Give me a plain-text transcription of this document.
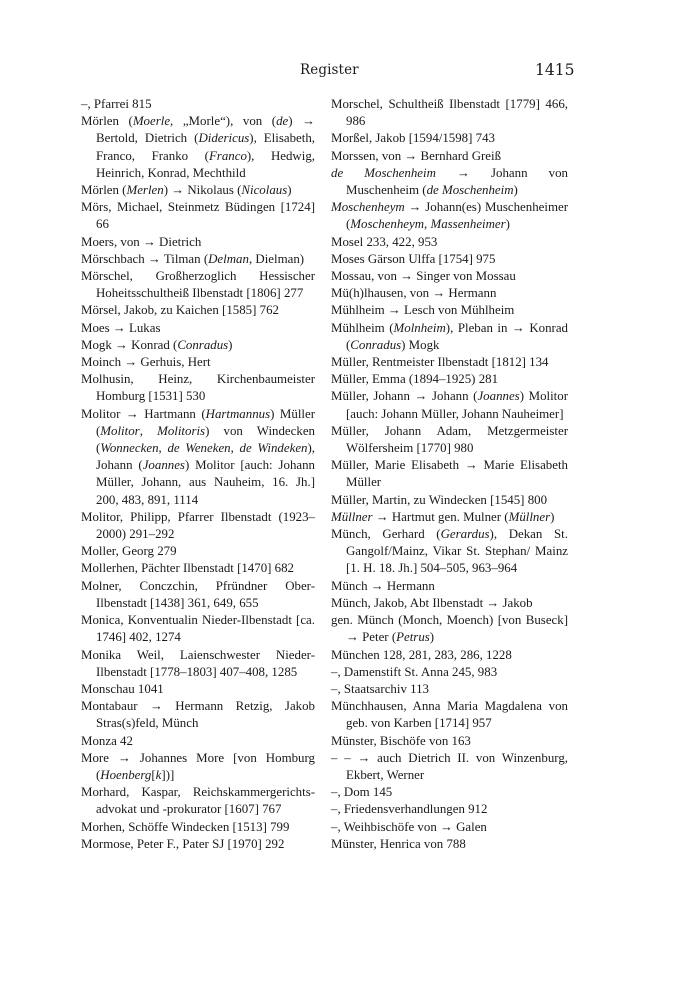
Register	1415

–, Pfarrei 815

Mörlen (Moerle, „Morle“), von (de) → Bertold, Dietrich (Didericus), Elisabeth, Franco, Franko (Franco), Hedwig, Heinrich, Konrad, Mechthild

Mörlen (Merlen) → Nikolaus (Nicolaus)

Mörs, Michael, Steinmetz Büdingen [1724] 66

Moers, von → Dietrich

Mörschbach → Tilman (Delman, Dielman)

Mörschel, Großherzoglich Hessischer Hoheitsschultheiß Ilbenstadt [1806] 277

Mörsel, Jakob, zu Kaichen [1585] 762

Moes → Lukas

Mogk → Konrad (Conradus)

Moinch → Gerhuis, Hert

Molhusin, Heinz, Kirchenbaumeister Homburg [1531] 530

Molitor → Hartmann (Hartmannus) Müller (Molitor, Molitoris) von Windecken (Wonnecken, de Weneken, de Windeken), Johann (Joannes) Molitor [auch: Johann Müller, Johann, aus Nauheim, 16. Jh.] 200, 483, 891, 1114

Molitor, Philipp, Pfarrer Ilbenstadt (1923–2000) 291–292

Moller, Georg 279

Mollerhen, Pächter Ilbenstadt [1470] 682

Molner, Conczchin, Pfründner Ober-Ilbenstadt [1438] 361, 649, 655

Monica, Konventualin Nieder-Ilbenstadt [ca. 1746] 402, 1274

Monika Weil, Laienschwester Nieder-Ilbenstadt [1778–1803] 407–408, 1285

Monschau 1041

Montabaur → Hermann Retzig, Jakob Stras(s)feld, Münch

Monza 42

More → Johannes More [von Homburg (Hoenberg[k])]

Morhard, Kaspar, Reichskammergerichts-advokat und -prokurator [1607] 767

Morhen, Schöffe Windecken [1513] 799

Mormose, Peter F., Pater SJ [1970] 292

Morschel, Schultheiß Ilbenstadt [1779] 466, 986

Morßel, Jakob [1594/1598] 743

Morssen, von → Bernhard Greiß

de Moschenheim → Johann von Muschenheim (de Moschenheim)

Moschenheym → Johann(es) Muschenheimer (Moschenheym, Massenheimer)

Mosel 233, 422, 953

Moses Gärson Ulffa [1754] 975

Mossau, von → Singer von Mossau

Mü(h)lhausen, von → Hermann

Mühlheim → Lesch von Mühlheim

Mühlheim (Molnheim), Pleban in → Konrad (Conradus) Mogk

Müller, Rentmeister Ilbenstadt [1812] 134

Müller, Emma (1894–1925) 281

Müller, Johann → Johann (Joannes) Molitor [auch: Johann Müller, Johann Nauheimer]

Müller, Johann Adam, Metzgermeister Wölfersheim [1770] 980

Müller, Marie Elisabeth → Marie Elisabeth Müller

Müller, Martin, zu Windecken [1545] 800

Müllner → Hartmut gen. Mulner (Müllner)

Münch, Gerhard (Gerardus), Dekan St. Gangolf/Mainz, Vikar St. Stephan/ Mainz [1. H. 18. Jh.] 504–505, 963–964

Münch → Hermann

Münch, Jakob, Abt Ilbenstadt → Jakob

gen. Münch (Monch, Moench) [von Buseck] → Peter (Petrus)

München 128, 281, 283, 286, 1228

–, Damenstift St. Anna 245, 983

–, Staatsarchiv 113

Münchhausen, Anna Maria Magdalena von geb. von Karben [1714] 957

Münster, Bischöfe von 163

– – → auch Dietrich II. von Winzenburg, Ekbert, Werner

–, Dom 145

–, Friedensverhandlungen 912

–, Weihbischöfe von → Galen

Münster, Henrica von 788
